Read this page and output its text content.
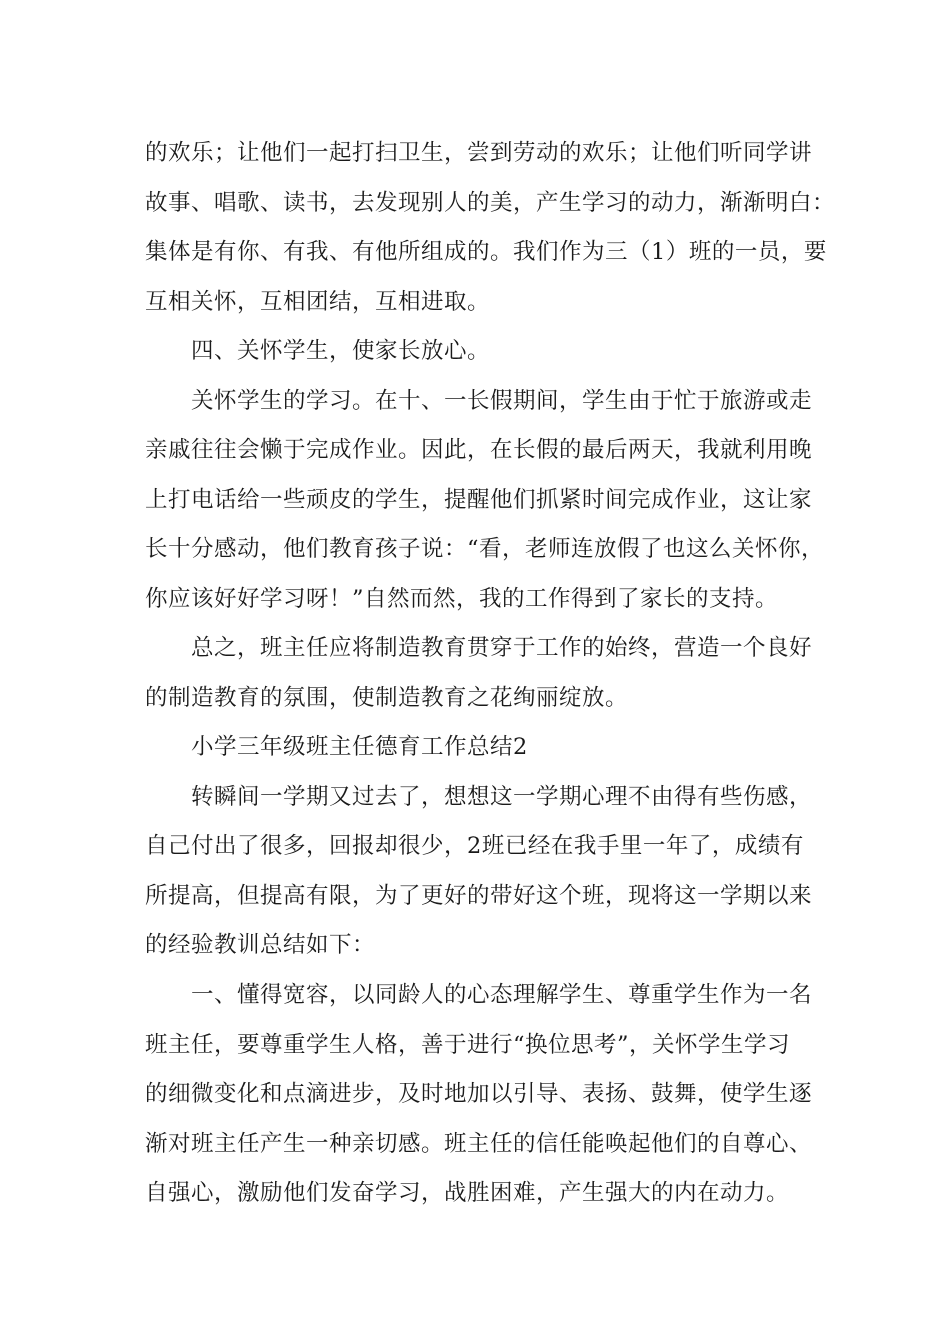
的欢乐；让他们一起打扫卫生，尝到劳动的欢乐；让他们听同学讲
故事、唱歌、读书，去发现别人的美，产生学习的动力，渐渐明白：
集体是有你、有我、有他所组成的。我们作为三（1）班的一员，要
互相关怀，互相团结，互相进取。
四、关怀学生，使家长放心。
关怀学生的学习。在十、一长假期间，学生由于忙于旅游或走
亲戚往往会懒于完成作业。因此，在长假的最后两天，我就利用晚
上打电话给一些顽皮的学生，提醒他们抓紧时间完成作业，这让家
长十分感动，他们教育孩子说：“看，老师连放假了也这么关怀你，
你应该好好学习呀！”自然而然，我的工作得到了家长的支持。
总之，班主任应将制造教育贯穿于工作的始终，营造一个良好
的制造教育的氛围，使制造教育之花绚丽绽放。
小学三年级班主任德育工作总结2
转瞬间一学期又过去了，想想这一学期心理不由得有些伤感，
自己付出了很多，回报却很少，2班已经在我手里一年了，成绩有
所提高，但提高有限，为了更好的带好这个班，现将这一学期以来
的经验教训总结如下：
一、懂得宽容，以同龄人的心态理解学生、尊重学生作为一名
班主任，要尊重学生人格，善于进行“换位思考”，关怀学生学习
的细微变化和点滴进步，及时地加以引导、表扬、鼓舞，使学生逐
渐对班主任产生一种亲切感。班主任的信任能唤起他们的自尊心、
自强心，激励他们发奋学习，战胜困难，产生强大的内在动力。
